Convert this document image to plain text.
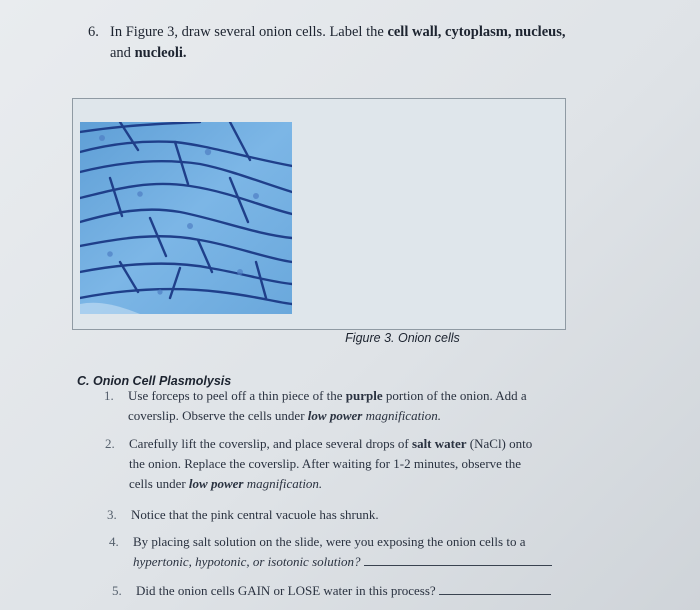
6. In Figure 3, draw several onion cells. Label the cell wall, cytoplasm, nucleus,
and nucleoli.
Figure 3. Onion cells
C. Onion Cell Plasmolysis
1. Use forceps to peel off a thin piece of the purple portion of the onion. Add a
coverslip. Observe the cells under low power magnification.
2. Carefully lift the coverslip, and place several drops of salt water (NaCl) onto
the onion. Replace the coverslip. After waiting for 1-2 minutes, observe the
cells under low power magnification.
3. Notice that the pink central vacuole has shrunk.
4. By placing salt solution on the slide, were you exposing the onion cells to a
hypertonic, hypotonic, or isotonic solution?
5. Did the onion cells GAIN or LOSE water in this process?
